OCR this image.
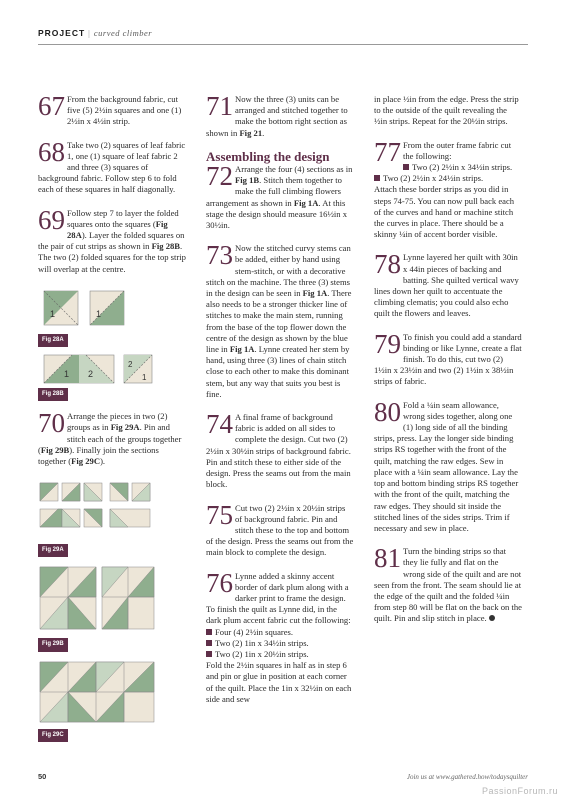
PROJECT | curved climber
67 From the background fabric, cut five (5) 2½in squares and one (1) 2½in x 4½in strip.

68 Take two (2) squares of leaf fabric 1, one (1) square of leaf fabric 2 and three (3) squares of background fabric. Follow step 6 to fold each of these squares in half diagonally.

69 Follow step 7 to layer the folded squares onto the squares (Fig 28A). Layer the folded squares on the pair of cut strips as shown in Fig 28B. The two (2) folded squares for the top strip will overlap at the centre.

1	1
Fig 28A
1 2
2
1
Fig 28B
70 Arrange the pieces in two (2) groups as in Fig 29A. Pin and stitch each of the groups together (Fig 29B). Finally join the sections together (Fig 29C).

Fig 29A
Fig 29B
Fig 29C
71 Now the three (3) units can be arranged and stitched together to make the bottom right section as shown in Fig 21.

Assembling the design
72 Arrange the four (4) sections as in Fig 1B. Stitch them together to make the full climbing flowers arrangement as shown in Fig 1A. At this stage the design should measure 16½in x 30½in.

73 Now the stitched curvy stems can be added, either by hand using stem-stitch, or with a decorative stitch on the machine. The three (3) stems in the design can be seen in Fig 1A. There also needs to be a stronger thicker line of stitches to make the main stem, running from the base of the top flower down the centre of the design as shown by the blue line in Fig 1A. Lynne created her stem by hand, using three (3) lines of chain stitch close to each other to make this dominant stem, but any way that suits you best is fine.

74 A final frame of background fabric is added on all sides to complete the design. Cut two (2) 2½in x 30½in strips of background fabric. Pin and stitch these to either side of the design. Press the seams out from the main block.

75 Cut two (2) 2½in x 20½in strips of background fabric. Pin and stitch these to the top and bottom of the design. Press the seams out from the main block to complete the design.

76 Lynne added a skinny accent border of dark plum along with a darker print to frame the design. To finish the quilt as Lynne did, in the dark plum accent fabric cut the following:

Four (4) 2½in squares.
Two (2) 1in x 34½in strips.
Two (2) 1in x 20½in strips.

Fold the 2½in squares in half as in step 6 and pin or glue in position at each corner of the quilt. Place the 1in x 32½in on each side and sew

in place ½in from the edge. Press the strip to the outside of the quilt revealing the ½in strips. Repeat for the 20½in strips.

77 From the outer frame fabric cut the following:

Two (2) 2½in x 34½in strips.
Two (2) 2½in x 24½in strips.

Attach these border strips as you did in steps 74-75. You can now pull back each of the curves and hand or machine stitch the curves in place. There should be a skinny ¼in of accent border visible.

78 Lynne layered her quilt with 30in x 44in pieces of backing and batting. She quilted vertical wavy lines down her quilt to accentuate the climbing clematis; you could also echo quilt the flowers and leaves.

79 To finish you could add a standard binding or like Lynne, create a flat finish. To do this, cut two (2) 1½in x 23½in and two (2) 1½in x 38½in strips of fabric.

80 Fold a ¼in seam allowance, wrong sides together, along one (1) long side of all the binding strips, press. Lay the longer side binding strips RS together with the front of the quilt, matching the raw edges. Sew in place with a ¼in seam allowance. Lay the top and bottom binding strips RS together with the front of the quilt, matching the raw edges. They should sit inside the stitched lines of the sides strips. Trim if necessary and sew in place.

81 Turn the binding strips so that they lie fully and flat on the wrong side of the quilt and are not seen from the front. The seam should lie at the edge of the quilt and the folded ¼in from step 80 will be flat on the back on the quilt. Pin and slip stitch in place.

50	Join us at www.gathered.how/todaysquilter
PassionForum.ru
